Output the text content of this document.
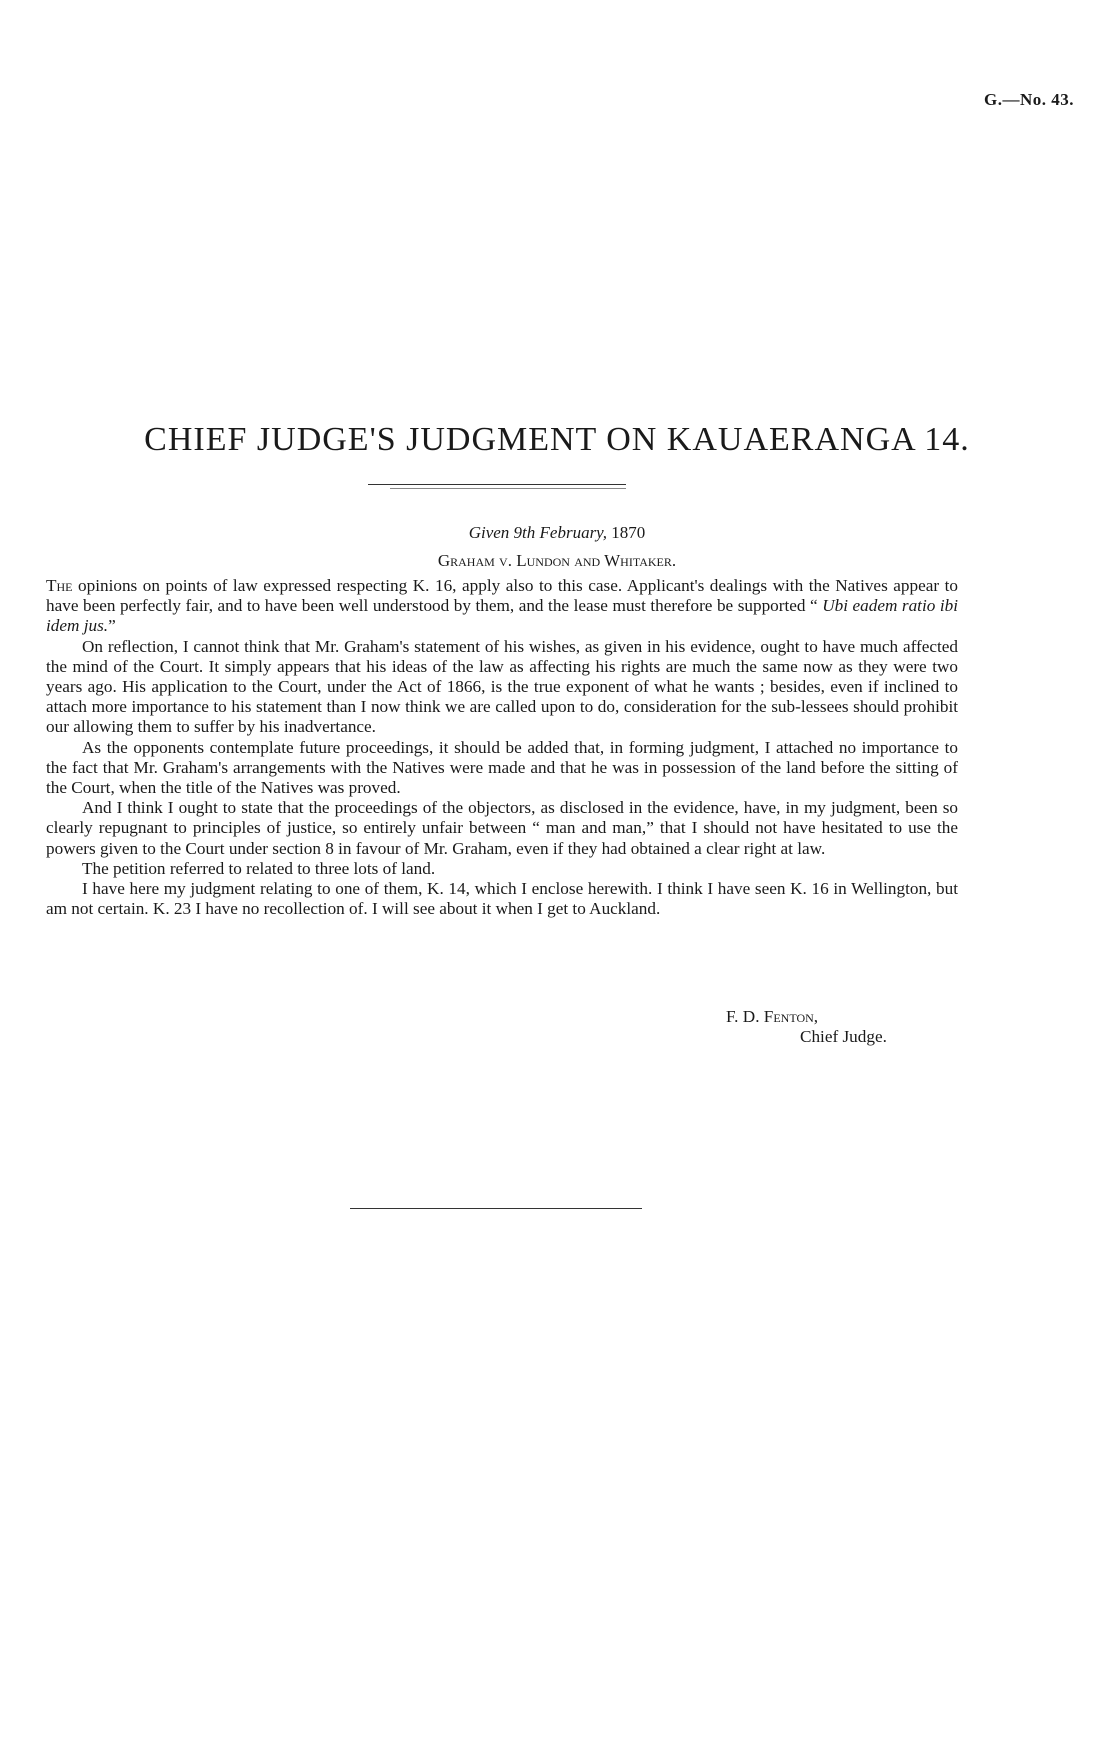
G.—No. 43.
CHIEF JUDGE'S JUDGMENT ON KAUAERANGA 14.
Given 9th February, 1870
Graham v. Lundon and Whitaker.

The opinions on points of law expressed respecting K. 16, apply also to this case. Applicant's dealings with the Natives appear to have been perfectly fair, and to have been well understood by them, and the lease must therefore be supported “ Ubi eadem ratio ibi idem jus.”

On reflection, I cannot think that Mr. Graham's statement of his wishes, as given in his evidence, ought to have much affected the mind of the Court. It simply appears that his ideas of the law as affecting his rights are much the same now as they were two years ago. His application to the Court, under the Act of 1866, is the true exponent of what he wants ; besides, even if inclined to attach more importance to his statement than I now think we are called upon to do, consideration for the sub-lessees should prohibit our allowing them to suffer by his inadvertance.

As the opponents contemplate future proceedings, it should be added that, in forming judgment, I attached no importance to the fact that Mr. Graham's arrangements with the Natives were made and that he was in possession of the land before the sitting of the Court, when the title of the Natives was proved.

And I think I ought to state that the proceedings of the objectors, as disclosed in the evidence, have, in my judgment, been so clearly repugnant to principles of justice, so entirely unfair between “ man and man,” that I should not have hesitated to use the powers given to the Court under section 8 in favour of Mr. Graham, even if they had obtained a clear right at law.

The petition referred to related to three lots of land.

I have here my judgment relating to one of them, K. 14, which I enclose herewith. I think I have seen K. 16 in Wellington, but am not certain. K. 23 I have no recollection of. I will see about it when I get to Auckland.

F. D. Fenton,
Chief Judge.
